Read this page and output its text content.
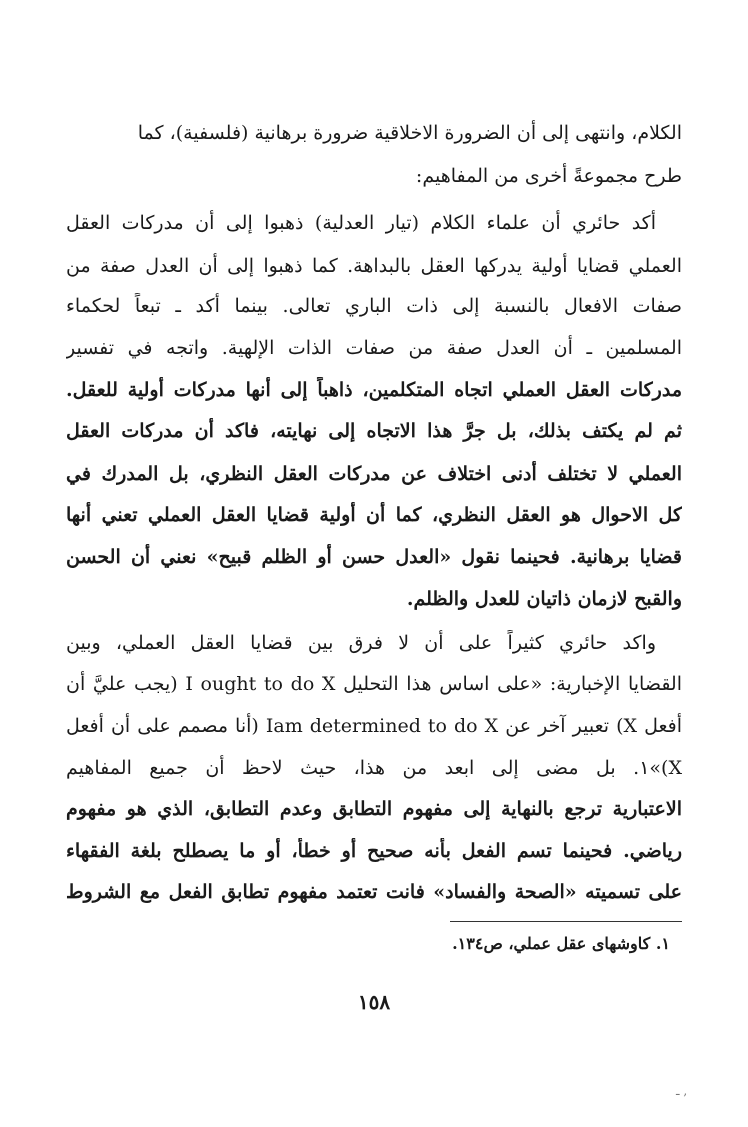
الكلام، وانتهى إلى أن الضرورة الاخلاقية ضرورة برهانية (فلسفية)، كما
طرح مجموعةً أخرى من المفاهيم:
أكد حائري أن علماء الكلام (تيار العدلية) ذهبوا إلى أن مدركات العقل
العملي قضايا أولية يدركها العقل بالبداهة. كما ذهبوا إلى أن العدل صفة من
صفات الافعال بالنسبة إلى ذات الباري تعالى. بينما أكد ـ تبعاً لحكماء
المسلمين ـ أن العدل صفة من صفات الذات الإلهية. واتجه في تفسير
مدركات العقل العملي اتجاه المتكلمين، ذاهباً إلى أنها مدركات أولية للعقل.
ثم لم يكتف بذلك، بل جرَّ هذا الاتجاه إلى نهايته، فاكد أن مدركات العقل
العملي لا تختلف أدنى اختلاف عن مدركات العقل النظري، بل المدرك في
كل الاحوال هو العقل النظري، كما أن أولية قضايا العقل العملي تعني أنها
قضايا برهانية. فحينما نقول «العدل حسن أو الظلم قبيح» نعني أن الحسن
والقبح لازمان ذاتيان للعدل والظلم.
واكد حائري كثيراً على أن لا فرق بين قضايا العقل العملي، وبين
القضايا الإخبارية: «على اساس هذا التحليل I ought to do X (يجب عليَّ أن
أفعل X) تعبير آخر عن Iam determined to do X (أنا مصمم على أن أفعل
X)»١. بل مضى إلى ابعد من هذا، حيث لاحظ أن جميع المفاهيم
الاعتبارية ترجع بالنهاية إلى مفهوم التطابق وعدم التطابق، الذي هو مفهوم
رياضي. فحينما تسم الفعل بأنه صحيح أو خطأ، أو ما يصطلح بلغة الفقهاء
على تسميته «الصحة والفساد» فانت تعتمد مفهوم تطابق الفعل مع الشروط
١. كاوشهاى عقل عملي، ص١٣٤.
١٥٨
ـ ,
